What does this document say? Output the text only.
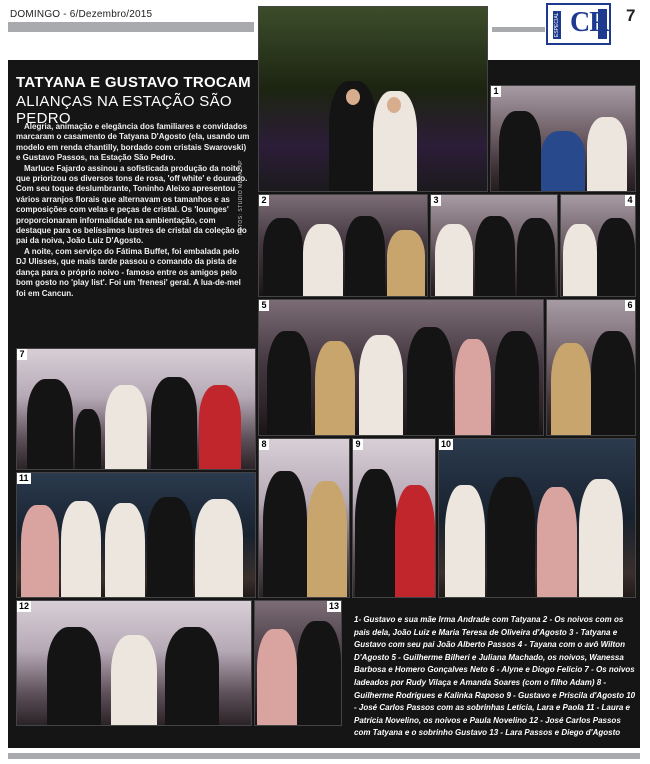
DOMINGO - 6/Dezembro/2015	ESPECIAL CR 7
1
TATYANA E GUSTAVO TROCAM
ALIANÇAS NA ESTAÇÃO SÃO PEDRO

Alegria, animação e elegância dos familiares e convidados marcaram o casamento de Tatyana D'Agosto (ela, usando um modelo em renda chantilly, bordado com cristais Swarovski) e Gustavo Passos, na Estação São Pedro.

Marluce Fajardo assinou a sofisticada produção da noite, que priorizou os diversos tons de rosa, 'off white' e dourado. Com seu toque deslumbrante, Toninho Aleixo apresentou vários arranjos florais que alternavam os tamanhos e as composições com velas e peças de cristal. Os 'lounges' proporcionaram informalidade na ambientação, com destaque para os belíssimos lustres de cristal da coleção do pai da noiva, João Luiz D'Agosto.

A noite, com serviço do Fátima Buffet, foi embalada pelo DJ Ulisses, que mais tarde passou o comando da pista de dança para o próprio noivo - famoso entre os amigos pelo bom gosto no 'play list'. Foi um 'frenesi' geral. A lua-de-mel foi em Cancun.

FOTOS: STUDIO MEGAZAP 2	3	4
5	6
7
8	9	10
11
12	13
1- Gustavo e sua mãe Irma Andrade com Tatyana 2 - Os noivos com os pais dela, João Luiz e Maria Teresa de Oliveira d'Agosto 3 - Tatyana e Gustavo com seu pai João Alberto Passos 4 - Tayana com o avô Wilton D'Agosto 5 - Guilherme Bilheri e Juliana Machado, os noivos, Wanessa Barbosa e Homero Gonçalves Neto 6 - Alyne e Diogo Felício 7 - Os noivos ladeados por Rudy Vilaça e Amanda Soares (com o filho Adam) 8 - Guilherme Rodrigues e Kalinka Raposo 9 - Gustavo e Priscila d'Agosto 10 - José Carlos Passos com as sobrinhas Letícia, Lara e Paola 11 - Laura e Patrícia Novelino, os noivos e Paula Novelino 12 - José Carlos Passos com Tatyana e o sobrinho Gustavo 13 - Lara Passos e Diego d'Agosto
